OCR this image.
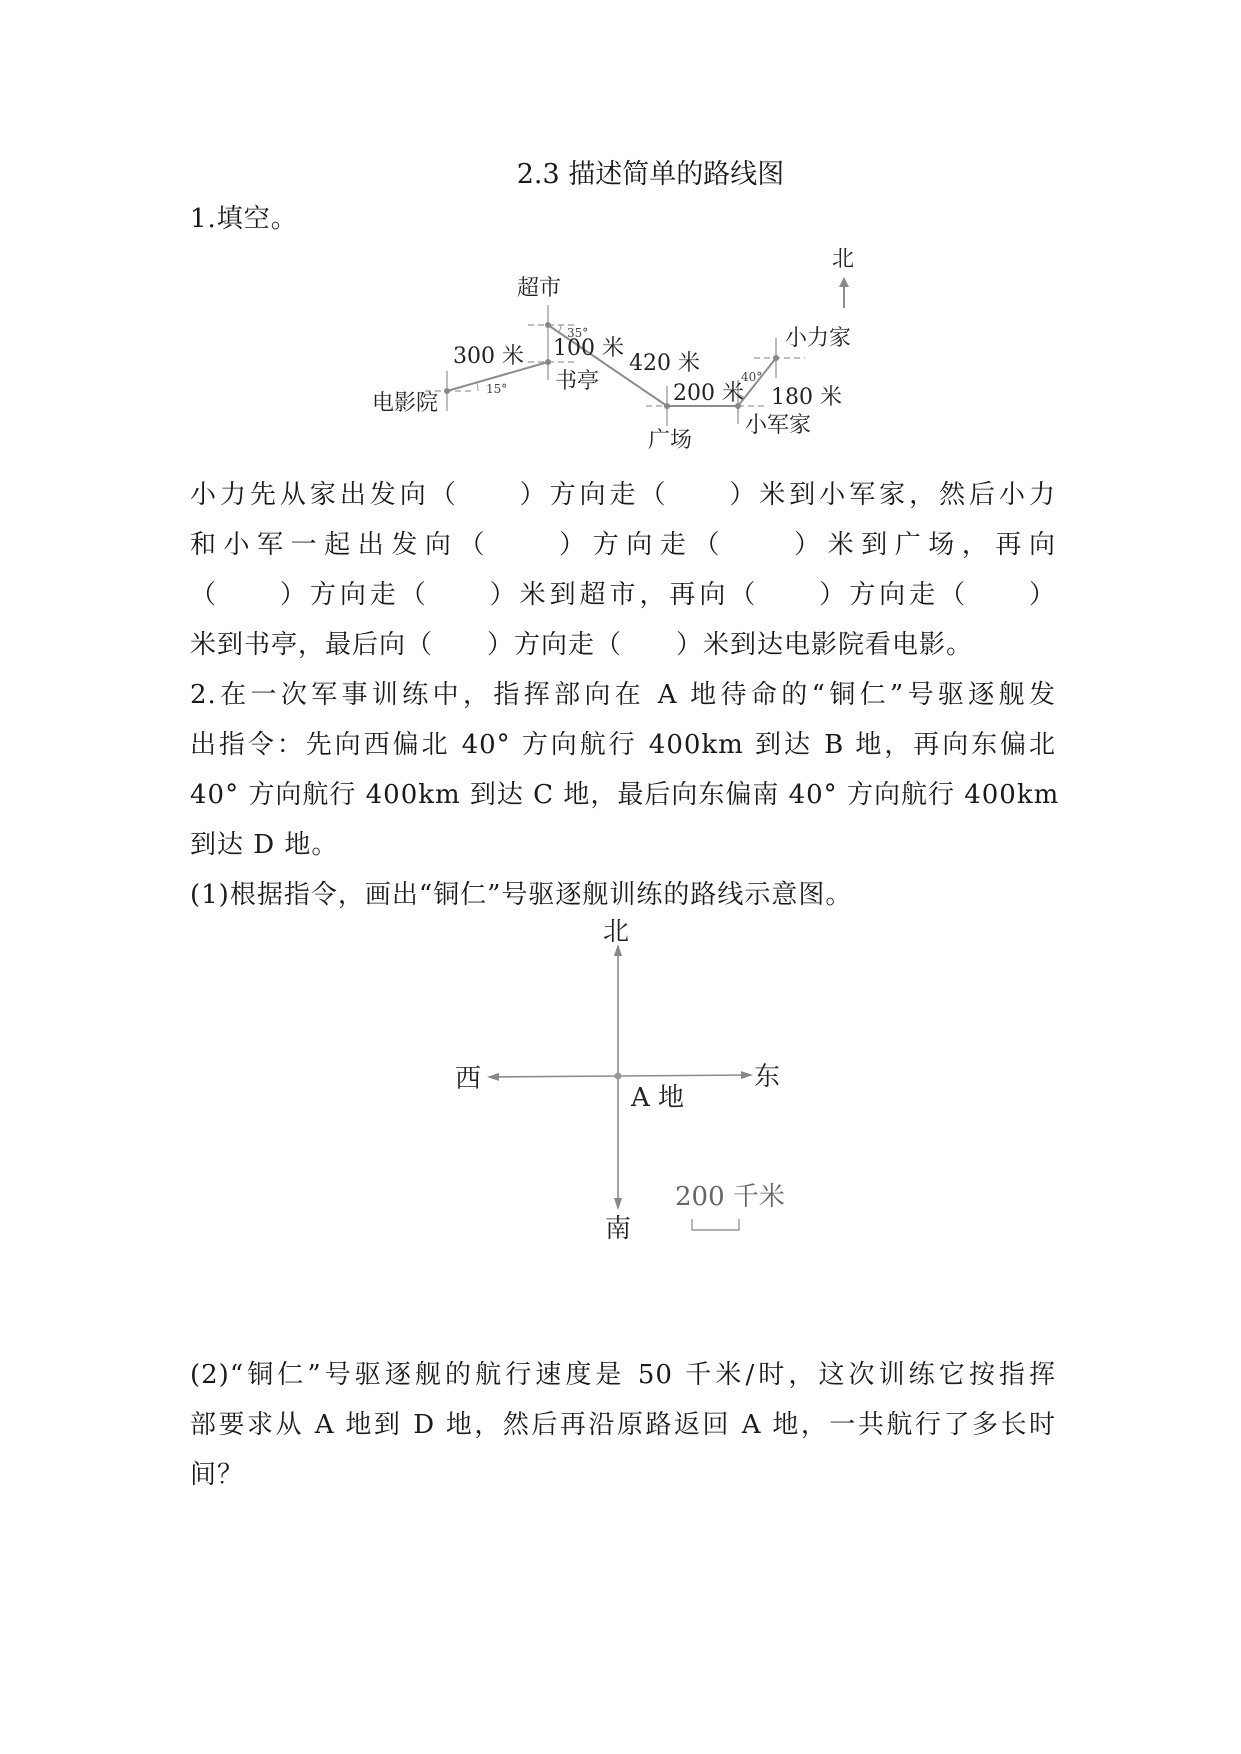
2.3 描述简单的路线图
1.填空。
北
超市
书亭
电影院
广场
小军家
小力家
300 米 100 米
420 米
200 米 180 米
15°
35°
40°
小力先从家出发向（　　）方向走（　　）米到小军家，然后小力
和小军一起出发向（　　）方向走（　　）米到广场，再向
（　　）方向走（　　）米到超市，再向（　　）方向走（　　）
米到书亭，最后向（　　）方向走（　　）米到达电影院看电影。
2.在一次军事训练中，指挥部向在 A 地待命的“铜仁”号驱逐舰发
出指令：先向西偏北 40° 方向航行 400km 到达 B 地，再向东偏北
40° 方向航行 400km 到达 C 地，最后向东偏南 40° 方向航行 400km
到达 D 地。
(1)根据指令，画出“铜仁”号驱逐舰训练的路线示意图。
北
南
西	东
A 地
200 千米
(2)“铜仁”号驱逐舰的航行速度是 50 千米/时，这次训练它按指挥
部要求从 A 地到 D 地，然后再沿原路返回 A 地，一共航行了多长时
间？
